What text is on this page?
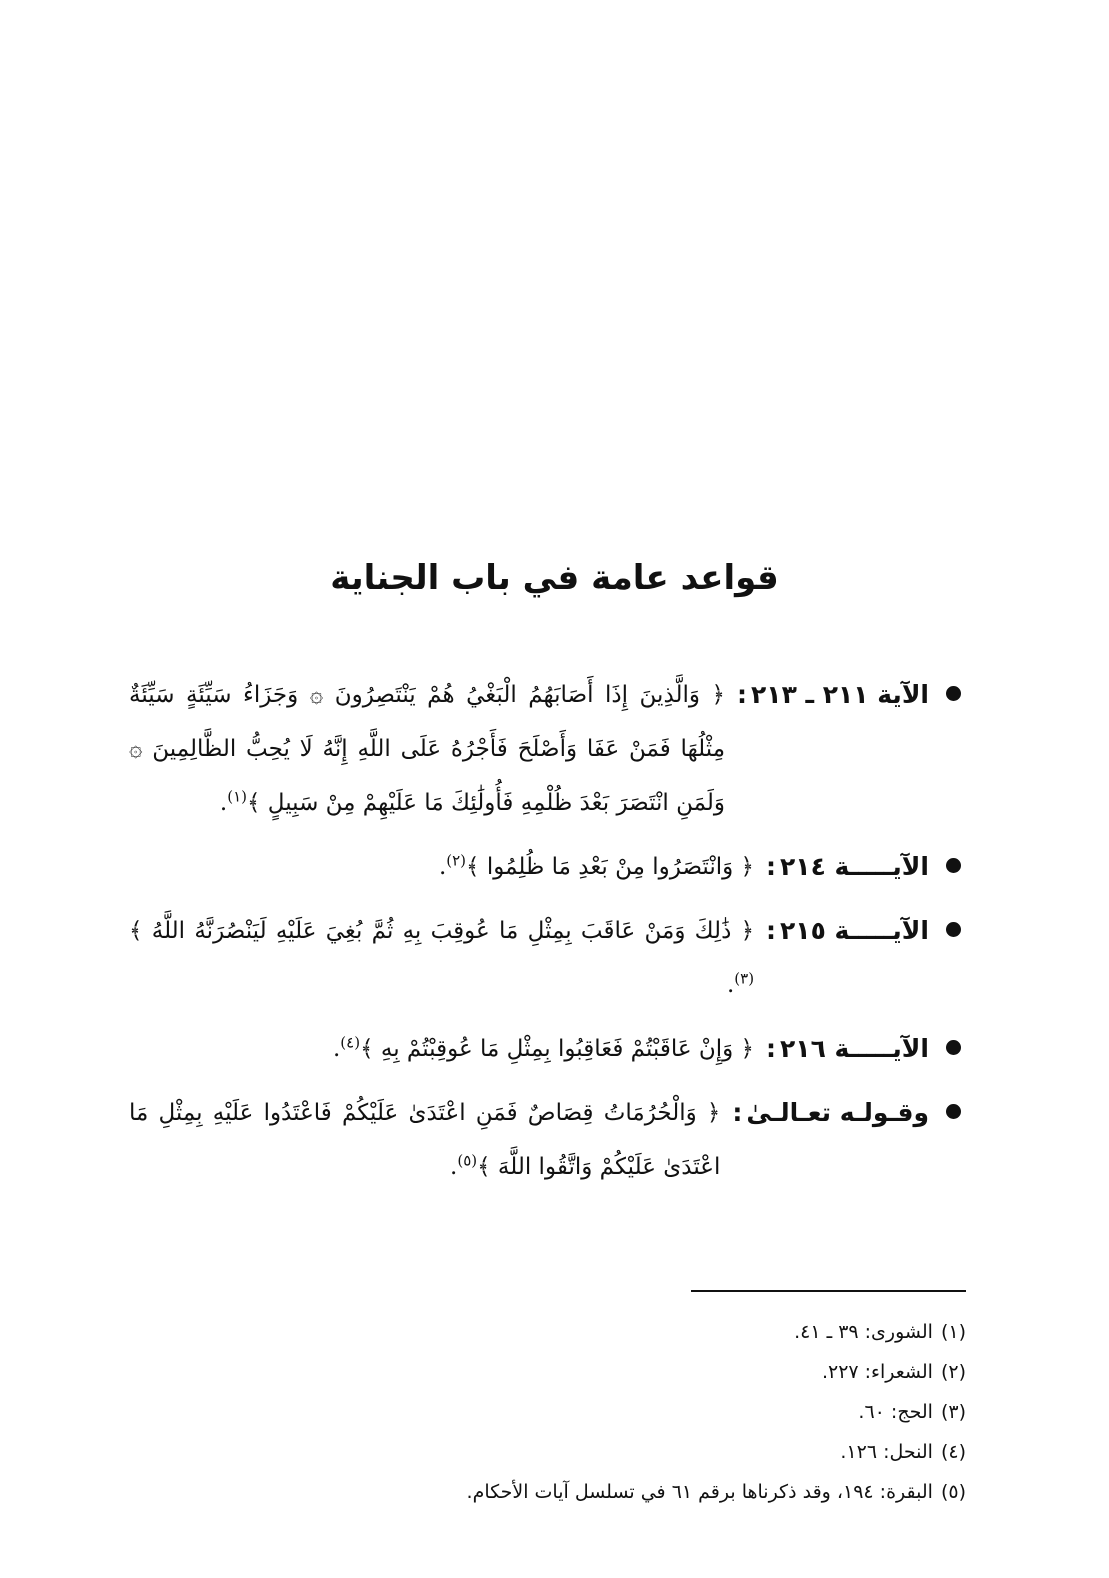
قواعد عامة في باب الجناية
الآية ٢١١ ـ ٢١٣:
﴿ وَالَّذِينَ إِذَا أَصَابَهُمُ الْبَغْيُ هُمْ يَنْتَصِرُونَ ۞ وَجَزَاءُ سَيِّئَةٍ سَيِّئَةٌ مِثْلُهَا فَمَنْ عَفَا وَأَصْلَحَ فَأَجْرُهُ عَلَى اللَّهِ إِنَّهُ لَا يُحِبُّ الظَّالِمِينَ ۞ وَلَمَنِ انْتَصَرَ بَعْدَ ظُلْمِهِ فَأُولَٰئِكَ مَا عَلَيْهِمْ مِنْ سَبِيلٍ ﴾$^{(١)}$.
الآيـــــة ٢١٤:
﴿ وَانْتَصَرُوا مِنْ بَعْدِ مَا ظُلِمُوا ﴾$^{(٢)}$.
الآيـــــة ٢١٥:
﴿ ذَٰلِكَ وَمَنْ عَاقَبَ بِمِثْلِ مَا عُوقِبَ بِهِ ثُمَّ بُغِيَ عَلَيْهِ لَيَنْصُرَنَّهُ اللَّهُ ﴾$^{(٣)}$.
الآيـــــة ٢١٦:
﴿ وَإِنْ عَاقَبْتُمْ فَعَاقِبُوا بِمِثْلِ مَا عُوقِبْتُمْ بِهِ ﴾$^{(٤)}$.
وقـولـه تعـالـىٰ:
﴿ وَالْحُرُمَاتُ قِصَاصٌ فَمَنِ اعْتَدَىٰ عَلَيْكُمْ فَاعْتَدُوا عَلَيْهِ بِمِثْلِ مَا اعْتَدَىٰ عَلَيْكُمْ وَاتَّقُوا اللَّهَ ﴾$^{(٥)}$.
(١)الشورى: ٣٩ ـ ٤١.
(٢)الشعراء: ٢٢٧.
(٣)الحج: ٦٠.
(٤)النحل: ١٢٦.
(٥)البقرة: ١٩٤، وقد ذكرناها برقم ٦١ في تسلسل آيات الأحكام.
